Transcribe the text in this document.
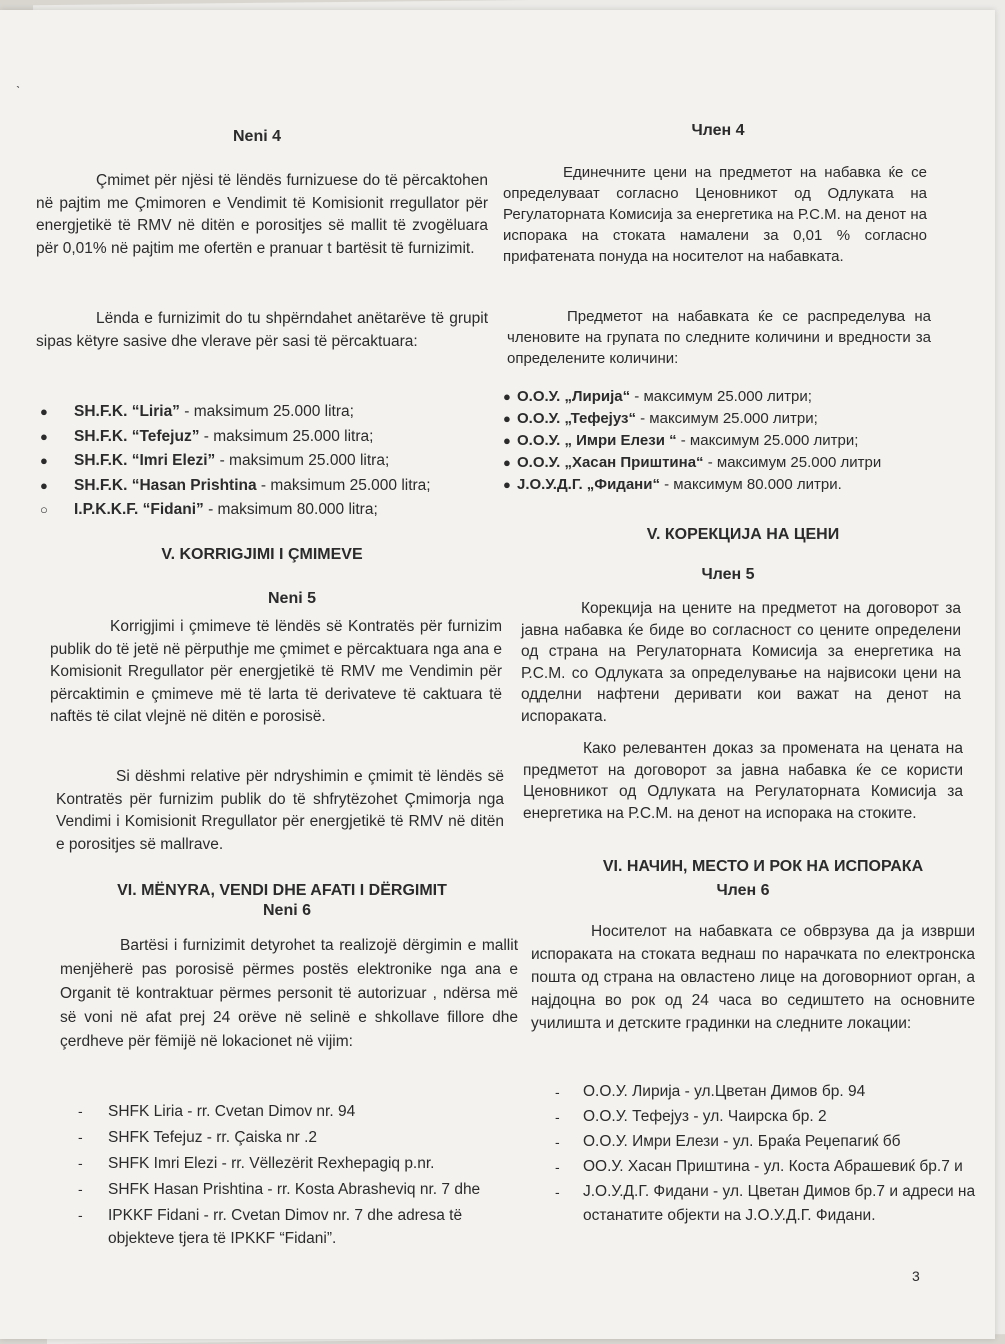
ˎ
Neni 4
Çmimet për njësi të lëndës furnizuese do të përcaktohen në pajtim me Çmimoren e Vendimit të Komisionit rregullator për energjetikë të RMV në ditën e porositjes së mallit të zvogëluara për 0,01% në pajtim me ofertën e pranuar t bartësit të furnizimit.
Lënda e furnizimit do tu shpërndahet anëtarëve të grupit sipas këtyre sasive dhe vlerave për sasi të përcaktuara:
● SH.F.K. “Liria” - maksimum 25.000 litra;
● SH.F.K. “Tefejuz” - maksimum 25.000 litra;
● SH.F.K. “Imri Elezi” - maksimum 25.000 litra;
● SH.F.K. “Hasan Prishtina - maksimum 25.000 litra;
○ I.P.K.K.F. “Fidani” - maksimum 80.000 litra;
V. KORRIGJIMI I ÇMIMEVE
Neni 5
Korrigjimi i çmimeve të lëndës së Kontratës për furnizim publik do të jetë në përputhje me çmimet e përcaktuara nga ana e Komisionit Rregullator për energjetikë të RMV me Vendimin për përcaktimin e çmimeve më të larta të derivateve të caktuara të naftës të cilat vlejnë në ditën e porosisë.
Si dëshmi relative për ndryshimin e çmimit të lëndës së Kontratës për furnizim publik do të shfrytëzohet Çmimorja nga Vendimi i Komisionit Rregullator për energjetikë të RMV në ditën e porositjes së mallrave.
VI. MËNYRA, VENDI DHE AFATI I DËRGIMIT
Neni 6
Bartësi i furnizimit detyrohet ta realizojë dërgimin e mallit menjëherë pas porosisë përmes postës elektronike nga ana e Organit të kontraktuar përmes personit të autorizuar , ndërsa më së voni në afat prej 24 orëve në selinë e shkollave fillore dhe çerdheve për fëmijë në lokacionet në vijim:
- SHFK Liria - rr. Cvetan Dimov nr. 94
- SHFK Tefejuz - rr. Çaiska nr .2
- SHFK Imri Elezi - rr. Vëllezërit Rexhepagiq p.nr.
- SHFK Hasan Prishtina - rr. Kosta Abrasheviq nr. 7 dhe
- IPKKF Fidani - rr. Cvetan Dimov nr. 7 dhe adresa të objekteve tjera të IPKKF “Fidani”.
Член 4
Единечните цени на предметот на набавка ќе се определуваат согласно Ценовникот од Одлуката на Регулаторната Комисија за енергетика на Р.С.М. на денот на испорака на стоката намалени за 0,01 % согласно прифатената понуда на носителот на набавката.
Предметот на набавката ќе се распределува на членовите на групата по следните количини и вредности за определените количини:
● О.О.У. „Лирија“ - максимум 25.000 литри;
● О.О.У. „Тефејуз“ - максимум 25.000 литри;
● О.О.У. „ Имри Елези “ - максимум 25.000 литри;
● О.О.У. „Хасан Приштина“ - максимум 25.000 литри
● Ј.О.У.Д.Г. „Фидани“ - максимум 80.000 литри.
V. КОРЕКЦИЈА НА ЦЕНИ
Член 5
Корекција на цените на предметот на договорот за јавна набавка ќе биде во согласност со цените определени од страна на Регулаторната Комисија за енергетика на Р.С.М. со Одлуката за определување на највисоки цени на одделни нафтени деривати кои важат на денот на испораката.
Како релевантен доказ за промената на цената на предметот на договорот за јавна набавка ќе се користи Ценовникот од Одлуката на Регулаторната Комисија за енергетика на Р.С.М. на денот на испорака на стоките.
VI. НАЧИН, МЕСТО И РОК НА ИСПОРАКА
Член 6
Носителот на набавката се обврзува да ја изврши испораката на стоката веднаш по нарачката по електронска пошта од страна на овластено лице на договорниот орган, а најдоцна во рок од 24 часа во седиштето на основните училишта и детските градинки на следните локации:
- О.О.У. Лирија - ул.Цветан Димов бр. 94
- О.О.У. Тефејуз - ул. Чаирска бр. 2
- О.О.У. Имри Елези - ул. Браќа Реџепагиќ бб
- ОО.У. Хасан Приштина - ул. Коста Абрашевиќ бр.7 и
- Ј.О.У.Д.Г. Фидани - ул. Цветан Димов бр.7 и адреси на останатите објекти на Ј.О.У.Д.Г. Фидани.
3
